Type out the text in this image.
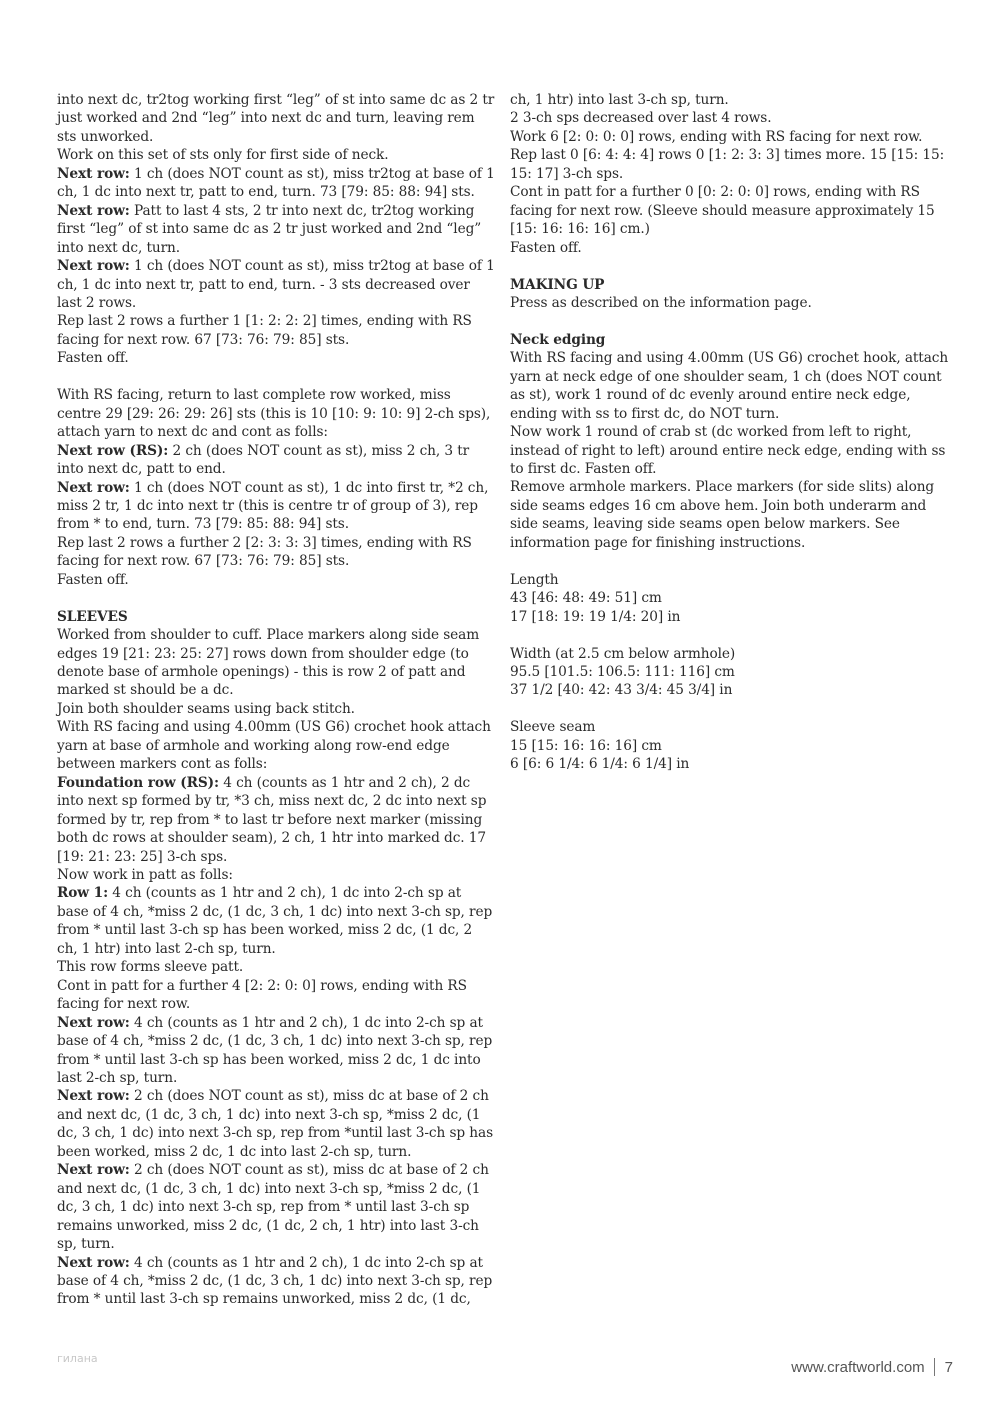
into next dc, tr2tog working first “leg” of st into same dc as 2 tr just worked and 2nd “leg” into next dc and turn, leaving rem sts unworked.

Work on this set of sts only for first side of neck.

Next row: 1 ch (does NOT count as st), miss tr2tog at base of 1 ch, 1 dc into next tr, patt to end, turn. 73 [79: 85: 88: 94] sts.

Next row: Patt to last 4 sts, 2 tr into next dc, tr2tog working first “leg” of st into same dc as 2 tr just worked and 2nd “leg” into next dc, turn.

Next row: 1 ch (does NOT count as st), miss tr2tog at base of 1 ch, 1 dc into next tr, patt to end, turn. - 3 sts decreased over last 2 rows.

Rep last 2 rows a further 1 [1: 2: 2: 2] times, ending with RS facing for next row. 67 [73: 76: 79: 85] sts.

Fasten off.

With RS facing, return to last complete row worked, miss centre 29 [29: 26: 29: 26] sts (this is 10 [10: 9: 10: 9] 2-ch sps), attach yarn to next dc and cont as folls:

Next row (RS): 2 ch (does NOT count as st), miss 2 ch, 3 tr into next dc, patt to end.

Next row: 1 ch (does NOT count as st), 1 dc into first tr, *2 ch, miss 2 tr, 1 dc into next tr (this is centre tr of group of 3), rep from * to end, turn. 73 [79: 85: 88: 94] sts.

Rep last 2 rows a further 2 [2: 3: 3: 3] times, ending with RS facing for next row. 67 [73: 76: 79: 85] sts.

Fasten off.

SLEEVES

Worked from shoulder to cuff. Place markers along side seam edges 19 [21: 23: 25: 27] rows down from shoulder edge (to denote base of armhole openings) - this is row 2 of patt and marked st should be a dc.

Join both shoulder seams using back stitch.

With RS facing and using 4.00mm (US G6) crochet hook attach yarn at base of armhole and working along row-end edge between markers cont as folls:

Foundation row (RS): 4 ch (counts as 1 htr and 2 ch), 2 dc into next sp formed by tr, *3 ch, miss next dc, 2 dc into next sp formed by tr, rep from * to last tr before next marker (missing both dc rows at shoulder seam), 2 ch, 1 htr into marked dc. 17 [19: 21: 23: 25] 3-ch sps.

Now work in patt as folls:

Row 1: 4 ch (counts as 1 htr and 2 ch), 1 dc into 2-ch sp at base of 4 ch, *miss 2 dc, (1 dc, 3 ch, 1 dc) into next 3-ch sp, rep from * until last 3-ch sp has been worked, miss 2 dc, (1 dc, 2 ch, 1 htr) into last 2-ch sp, turn.

This row forms sleeve patt.

Cont in patt for a further 4 [2: 2: 0: 0] rows, ending with RS facing for next row.

Next row: 4 ch (counts as 1 htr and 2 ch), 1 dc into 2-ch sp at base of 4 ch, *miss 2 dc, (1 dc, 3 ch, 1 dc) into next 3-ch sp, rep from * until last 3-ch sp has been worked, miss 2 dc, 1 dc into last 2-ch sp, turn.

Next row: 2 ch (does NOT count as st), miss dc at base of 2 ch and next dc, (1 dc, 3 ch, 1 dc) into next 3-ch sp, *miss 2 dc, (1 dc, 3 ch, 1 dc) into next 3-ch sp, rep from *until last 3-ch sp has been worked, miss 2 dc, 1 dc into last 2-ch sp, turn.

Next row: 2 ch (does NOT count as st), miss dc at base of 2 ch and next dc, (1 dc, 3 ch, 1 dc) into next 3-ch sp, *miss 2 dc, (1 dc, 3 ch, 1 dc) into next 3-ch sp, rep from * until last 3-ch sp remains unworked, miss 2 dc, (1 dc, 2 ch, 1 htr) into last 3-ch sp, turn.

Next row: 4 ch (counts as 1 htr and 2 ch), 1 dc into 2-ch sp at base of 4 ch, *miss 2 dc, (1 dc, 3 ch, 1 dc) into next 3-ch sp, rep from * until last 3-ch sp remains unworked, miss 2 dc, (1 dc,

ch, 1 htr) into last 3-ch sp, turn.

2 3-ch sps decreased over last 4 rows.

Work 6 [2: 0: 0: 0] rows, ending with RS facing for next row.

Rep last 0 [6: 4: 4: 4] rows 0 [1: 2: 3: 3] times more. 15 [15: 15: 15: 17] 3-ch sps.

Cont in patt for a further 0 [0: 2: 0: 0] rows, ending with RS facing for next row. (Sleeve should measure approximately 15 [15: 16: 16: 16] cm.)

Fasten off.

MAKING UP

Press as described on the information page.

Neck edging

With RS facing and using 4.00mm (US G6) crochet hook, attach yarn at neck edge of one shoulder seam, 1 ch (does NOT count as st), work 1 round of dc evenly around entire neck edge, ending with ss to first dc, do NOT turn.

Now work 1 round of crab st (dc worked from left to right, instead of right to left) around entire neck edge, ending with ss to first dc. Fasten off.

Remove armhole markers. Place markers (for side slits) along side seams edges 16 cm above hem. Join both underarm and side seams, leaving side seams open below markers. See information page for finishing instructions.

Length

43 [46: 48: 49: 51] cm

17 [18: 19: 19 1/4: 20] in

Width (at 2.5 cm below armhole)

95.5 [101.5: 106.5: 111: 116] cm

37 1/2 [40: 42: 43 3/4: 45 3/4] in

Sleeve seam

15 [15: 16: 16: 16] cm

6 [6: 6 1/4: 6 1/4: 6 1/4] in

гилана	www.craftworld.com 7
